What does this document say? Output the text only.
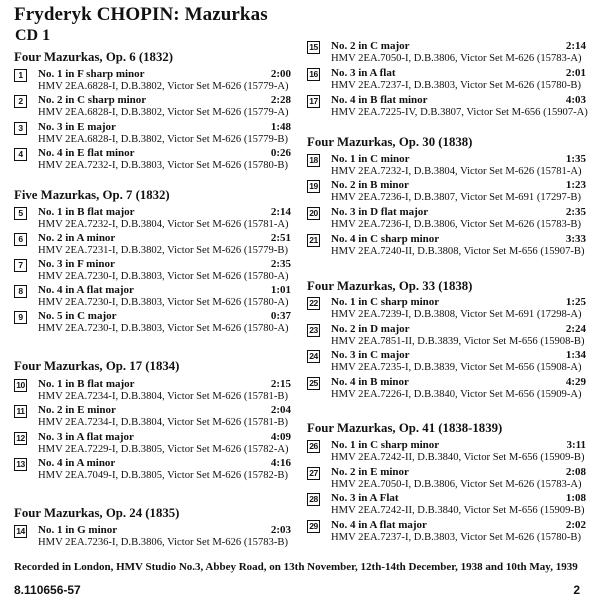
Fryderyk CHOPIN: Mazurkas
CD 1
Four Mazurkas, Op. 6 (1832)
1	No. 1 in F sharp minor	2:00
HMV 2EA.6828-I, D.B.3802, Victor Set M-626 (15779-A)
2	No. 2 in C sharp minor	2:28
HMV 2EA.6828-I, D.B.3802, Victor Set M-626 (15779-A)
3	No. 3 in E major	1:48
HMV 2EA.6828-I, D.B.3802, Victor Set M-626 (15779-B)
4	No. 4 in E flat minor	0:26
HMV 2EA.7232-I, D.B.3803, Victor Set M-626 (15780-B)
Five Mazurkas, Op. 7 (1832)
5	No. 1 in B flat major	2:14
HMV 2EA.7232-I, D.B.3804, Victor Set M-626 (15781-A)
6	No. 2 in A minor	2:51
HMV 2EA.7231-I, D.B.3802, Victor Set M-626 (15779-B)
7	No. 3 in F minor	2:35
HMV 2EA.7230-I, D.B.3803, Victor Set M-626 (15780-A)
8	No. 4 in A flat major	1:01
HMV 2EA.7230-I, D.B.3803, Victor Set M-626 (15780-A)
9	No. 5 in C major	0:37
HMV 2EA.7230-I, D.B.3803, Victor Set M-626 (15780-A)
Four Mazurkas, Op. 17 (1834)
10 No. 1 in B flat major	2:15
HMV 2EA.7234-I, D.B.3804, Victor Set M-626 (15781-B)
11 No. 2 in E minor	2:04
HMV 2EA.7234-I, D.B.3804, Victor Set M-626 (15781-B)
12 No. 3 in A flat major	4:09
HMV 2EA.7229-I, D.B.3805, Victor Set M-626 (15782-A)
13 No. 4 in A minor	4:16
HMV 2EA.7049-I, D.B.3805, Victor Set M-626 (15782-B)
Four Mazurkas, Op. 24 (1835)
14 No. 1 in G minor	2:03
HMV 2EA.7236-I, D.B.3806, Victor Set M-626 (15783-B)
15 No. 2 in C major	2:14
HMV 2EA.7050-I, D.B.3806, Victor Set M-626 (15783-A)
16 No. 3 in A flat	2:01
HMV 2EA.7237-I, D.B.3803, Victor Set M-626 (15780-B)
17 No. 4 in B flat minor	4:03
HMV 2EA.7225-IV, D.B.3807, Victor Set M-656 (15907-A)
Four Mazurkas, Op. 30 (1838)
18 No. 1 in C minor	1:35
HMV 2EA.7232-I, D.B.3804, Victor Set M-626 (15781-A)
19 No. 2 in B minor	1:23
HMV 2EA.7236-I, D.B.3807, Victor Set M-691 (17297-B)
20 No. 3 in D flat major	2:35
HMV 2EA.7236-I, D.B.3806, Victor Set M-626 (15783-B)
21 No. 4 in C sharp minor	3:33
HMV 2EA.7240-II, D.B.3808, Victor Set M-656 (15907-B)
Four Mazurkas, Op. 33 (1838)
22 No. 1 in C sharp minor	1:25
HMV 2EA.7239-I, D.B.3808, Victor Set M-691 (17298-A)
23 No. 2 in D major	2:24
HMV 2EA.7851-II, D.B.3839, Victor Set M-656 (15908-B)
24 No. 3 in C major	1:34
HMV 2EA.7235-I, D.B.3839, Victor Set M-656 (15908-A)
25 No. 4 in B minor	4:29
HMV 2EA.7226-I, D.B.3840, Victor Set M-656 (15909-A)
Four Mazurkas, Op. 41 (1838-1839)
26 No. 1 in C sharp minor	3:11
HMV 2EA.7242-II, D.B.3840, Victor Set M-656 (15909-B)
27 No. 2 in E minor	2:08
HMV 2EA.7050-I, D.B.3806, Victor Set M-626 (15783-A)
28 No. 3 in A Flat	1:08
HMV 2EA.7242-II, D.B.3840, Victor Set M-656 (15909-B)
29 No. 4 in A flat major	2:02
HMV 2EA.7237-I, D.B.3803, Victor Set M-626 (15780-B)
Recorded in London, HMV Studio No.3, Abbey Road, on 13th November, 12th-14th December, 1938 and 10th May, 1939
8.110656-57	2
